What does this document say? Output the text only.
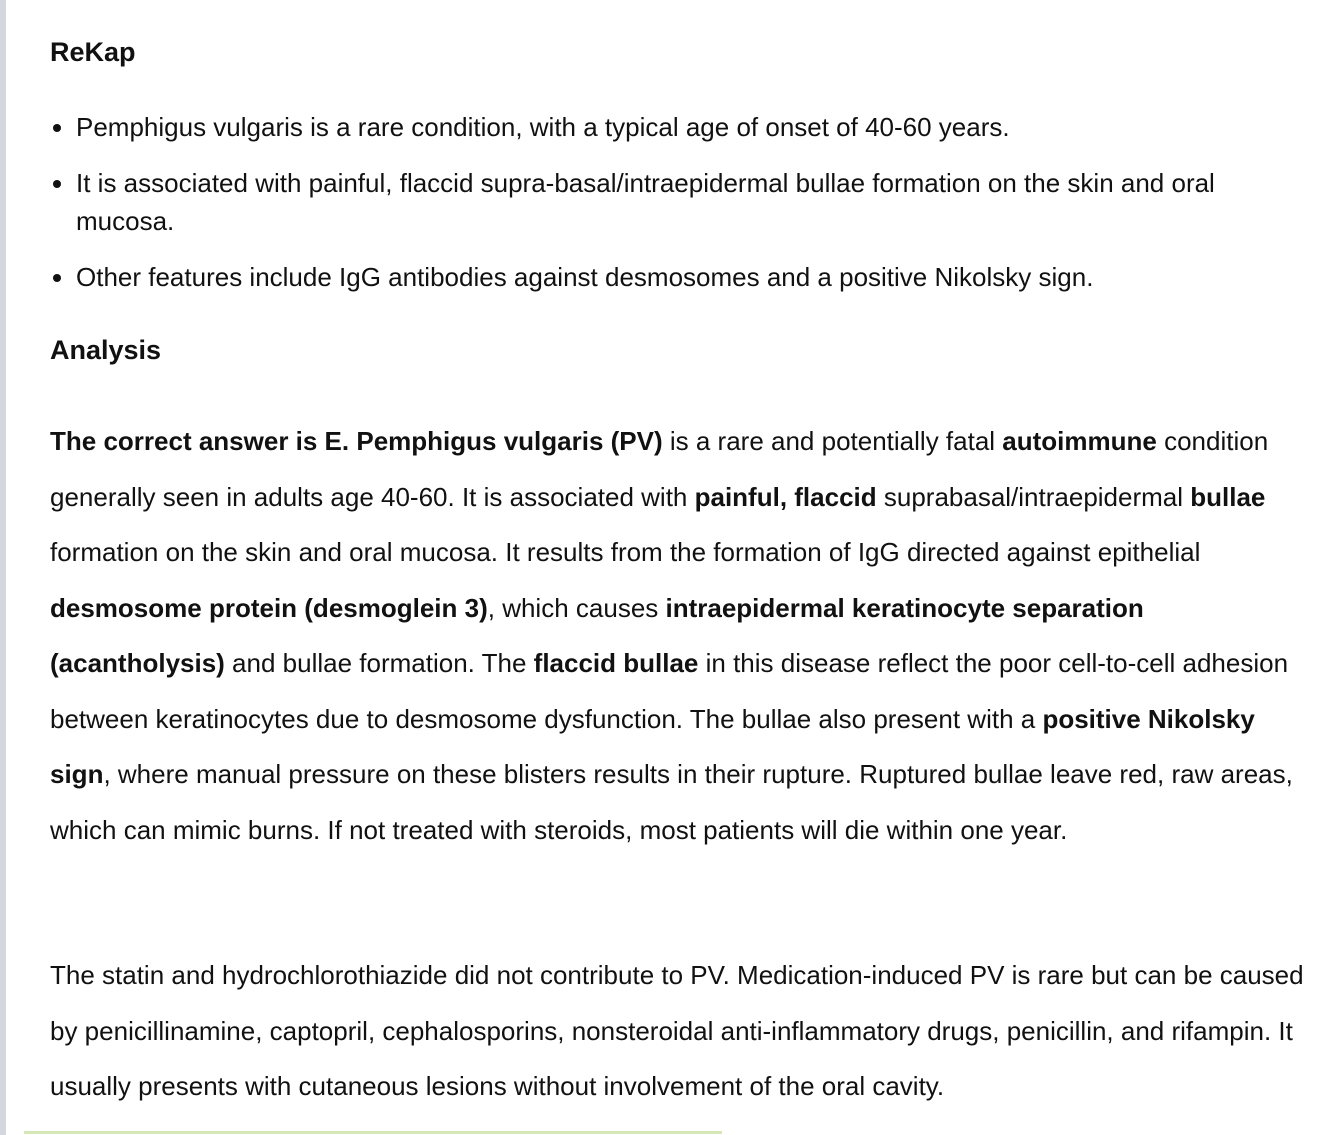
ReKap
• Pemphigus vulgaris is a rare condition, with a typical age of onset of 40-60 years.
• It is associated with painful, flaccid supra-basal/intraepidermal bullae formation on the skin and oral mucosa.
• Other features include IgG antibodies against desmosomes and a positive Nikolsky sign.
Analysis

The correct answer is E. Pemphigus vulgaris (PV) is a rare and potentially fatal autoimmune condition generally seen in adults age 40-60. It is associated with painful, flaccid suprabasal/intraepidermal bullae formation on the skin and oral mucosa. It results from the formation of IgG directed against epithelial desmosome protein (desmoglein 3), which causes intraepidermal keratinocyte separation (acantholysis) and bullae formation. The flaccid bullae in this disease reflect the poor cell-to-cell adhesion between keratinocytes due to desmosome dysfunction. The bullae also present with a positive Nikolsky sign, where manual pressure on these blisters results in their rupture. Ruptured bullae leave red, raw areas, which can mimic burns. If not treated with steroids, most patients will die within one year.

The statin and hydrochlorothiazide did not contribute to PV. Medication-induced PV is rare but can be caused by penicillinamine, captopril, cephalosporins, nonsteroidal anti-inflammatory drugs, penicillin, and rifampin. It usually presents with cutaneous lesions without involvement of the oral cavity.
